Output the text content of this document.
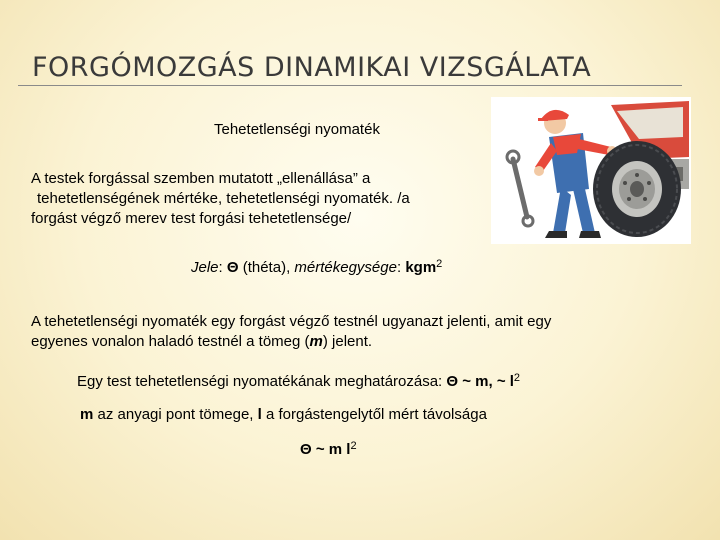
FORGÓMOZGÁS DINAMIKAI VIZSGÁLATA
Tehetetlenségi nyomaték
A testek forgással szemben mutatott „ellenállása” a
tehetetlenségének mértéke, tehetetlenségi nyomaték. /a
forgást végző merev test forgási tehetetlensége/
Jele: Θ (théta), mértékegysége: kgm$^2$
A tehetetlenségi nyomaték egy forgást végző testnél ugyanazt jelenti, amit egy
egyenes vonalon haladó testnél a tömeg (m) jelent.
Egy test tehetetlenségi nyomatékának meghatározása: Θ ~ m, ~ $l^2$
m az anyagi pont tömege, l a forgástengelytől mért távolsága
Θ ~ m $l^2$
